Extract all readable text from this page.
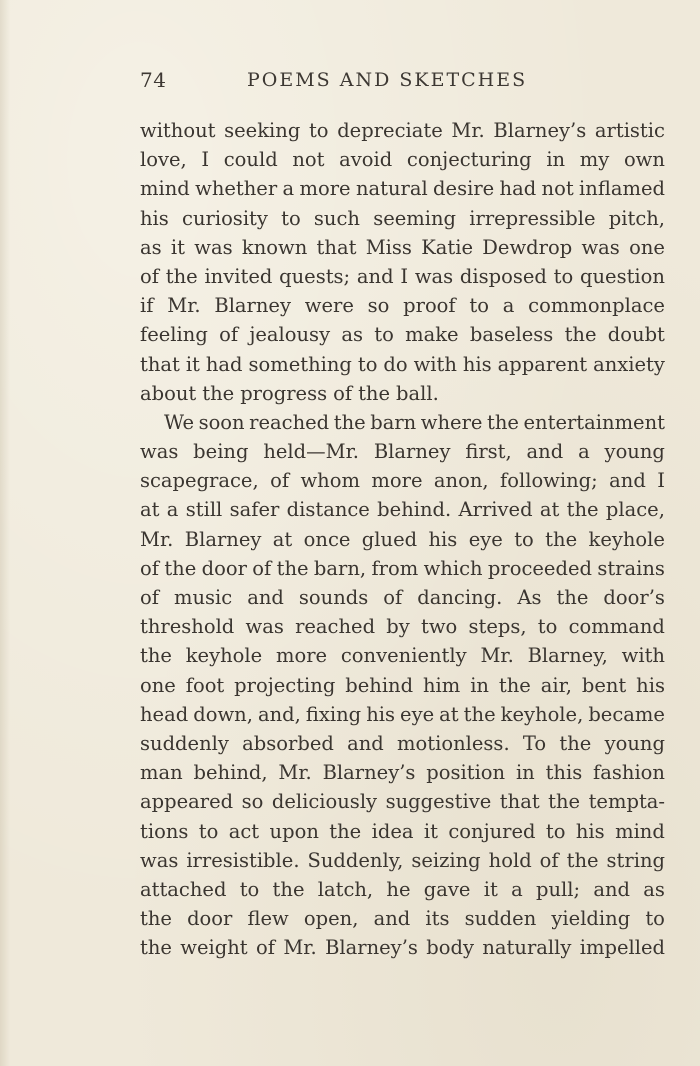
74	POEMS AND SKETCHES
without seeking to depreciate Mr. Blarney’s artistic
love, I could not avoid conjecturing in my own
mind whether a more natural desire had not inflamed
his curiosity to such seeming irrepressible pitch,
as it was known that Miss Katie Dewdrop was one
of the invited quests; and I was disposed to question
if Mr. Blarney were so proof to a commonplace
feeling of jealousy as to make baseless the doubt
that it had something to do with his apparent anxiety
about the progress of the ball.
We soon reached the barn where the entertainment
was being held—Mr. Blarney first, and a young
scapegrace, of whom more anon, following; and I
at a still safer distance behind. Arrived at the place,
Mr. Blarney at once glued his eye to the keyhole
of the door of the barn, from which proceeded strains
of music and sounds of dancing. As the door’s
threshold was reached by two steps, to command
the keyhole more conveniently Mr. Blarney, with
one foot projecting behind him in the air, bent his
head down, and, fixing his eye at the keyhole, became
suddenly absorbed and motionless. To the young
man behind, Mr. Blarney’s position in this fashion
appeared so deliciously suggestive that the tempta-
tions to act upon the idea it conjured to his mind
was irresistible. Suddenly, seizing hold of the string
attached to the latch, he gave it a pull; and as
the door flew open, and its sudden yielding to
the weight of Mr. Blarney’s body naturally impelled
